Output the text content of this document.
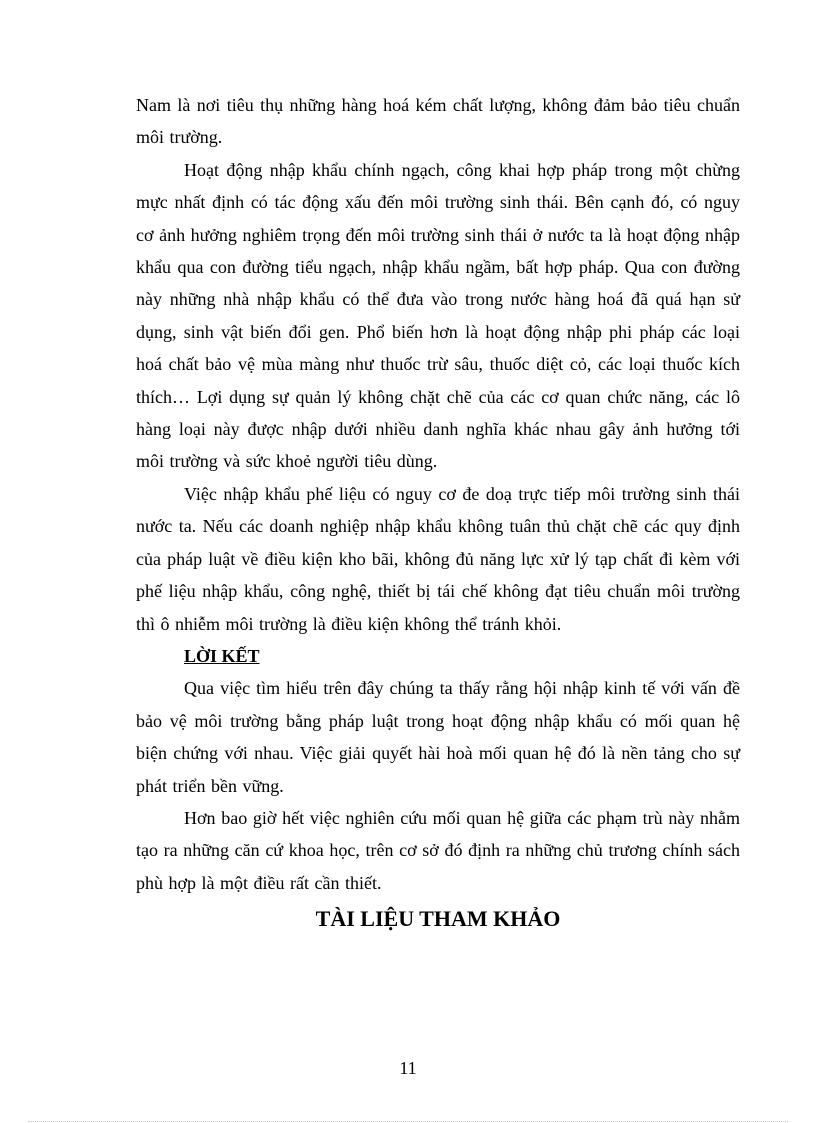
Nam là nơi tiêu thụ những hàng hoá kém chất lượng, không đảm bảo tiêu chuẩn môi trường.

Hoạt động nhập khẩu chính ngạch, công khai hợp pháp trong một chừng mực nhất định có tác động xấu đến môi trường sinh thái. Bên cạnh đó, có nguy cơ ảnh hưởng nghiêm trọng đến môi trường sinh thái ở nước ta là hoạt động nhập khẩu qua con đường tiểu ngạch, nhập khẩu ngầm, bất hợp pháp. Qua con đường này những nhà nhập khẩu có thể đưa vào trong nước hàng hoá đã quá hạn sử dụng, sinh vật biến đổi gen. Phổ biến hơn là hoạt động nhập phi pháp các loại hoá chất bảo vệ mùa màng như thuốc trừ sâu, thuốc diệt cỏ, các loại thuốc kích thích… Lợi dụng sự quản lý không chặt chẽ của các cơ quan chức năng, các lô hàng loại này được nhập dưới nhiều danh nghĩa khác nhau gây ảnh hưởng tới môi trường và sức khoẻ người tiêu dùng.

Việc nhập khẩu phế liệu có nguy cơ đe doạ trực tiếp môi trường sinh thái nước ta. Nếu các doanh nghiệp nhập khẩu không tuân thủ chặt chẽ các quy định của pháp luật về điều kiện kho bãi, không đủ năng lực xử lý tạp chất đi kèm với phế liệu nhập khẩu, công nghệ, thiết bị tái chế không đạt tiêu chuẩn môi trường thì ô nhiễm môi trường là điều kiện không thể tránh khỏi.

LỜI KẾT

Qua việc tìm hiểu trên đây chúng ta thấy rằng hội nhập kinh tế với vấn đề bảo vệ môi trường bằng pháp luật trong hoạt động nhập khẩu có mối quan hệ biện chứng với nhau. Việc giải quyết hài hoà mối quan hệ đó là nền tảng cho sự phát triển bền vững.

Hơn bao giờ hết việc nghiên cứu mối quan hệ giữa các phạm trù này nhằm tạo ra những căn cứ khoa học, trên cơ sở đó định ra những chủ trương chính sách phù hợp là một điều rất cần thiết.

TÀI LIỆU THAM KHẢO
11
